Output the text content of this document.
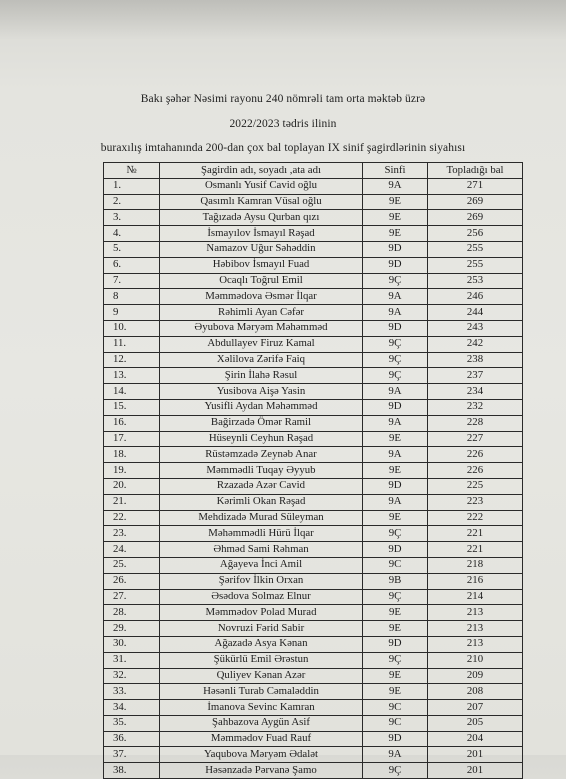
Bakı şəhər Nəsimi rayonu 240 nömrəli tam orta məktəb üzrə
2022/2023 tədris ilinin
buraxılış imtahanında 200-dan çox bal toplayan IX sinif şagirdlərinin siyahısı
№	Şagirdin adı, soyadı ,ata adı	Sinfi	Topladığı bal
1.	Osmanlı Yusif Cavid oğlu	9A	271
2.	Qasımlı Kamran Vüsal oğlu	9E	269
3.	Tağızadə Aysu Qurban qızı	9E	269
4.	İsmayılov İsmayıl Rəşad	9E	256
5.	Namazov Uğur Səhəddin	9D	255
6.	Həbibov İsmayıl Fuad	9D	255
7.	Ocaqlı Toğrul Emil	9Ç	253
8	Məmmədova Əsmər İlqar	9A	246
9	Rəhimli Ayan Cəfər	9A	244
10.	Əyubova Məryəm Məhəmməd	9D	243
11.	Abdullayev Firuz Kamal	9Ç	242
12.	Xəlilova Zərifə Faiq	9Ç	238
13.	Şirin İlahə Rəsul	9Ç	237
14.	Yusibova Aişə Yasin	9A	234
15.	Yusifli Aydan Məhəmməd	9D	232
16.	Bağirzadə Ömər Ramil	9A	228
17.	Hüseynli Ceyhun Rəşad	9E	227
18.	Rüstəmzadə Zeynəb Anar	9A	226
19.	Məmmədli Tuqay Əyyub	9E	226
20.	Rzazadə Azər Cavid	9D	225
21.	Kərimli Okan Rəşad	9A	223
22.	Mehdizadə Murad Süleyman	9E	222
23.	Məhəmmədli Hürü İlqar	9Ç	221
24.	Əhməd Sami Rəhman	9D	221
25.	Ağayeva İnci Amil	9C	218
26.	Şərifov İlkin Orxan	9B	216
27.	Əsədova Solmaz Elnur	9Ç	214
28.	Məmmədov Polad Murad	9E	213
29.	Novruzi Fərid Sabir	9E	213
30.	Ağazadə Asya Kənan	9D	213
31.	Şükürlü Emil Ərəstun	9Ç	210
32.	Quliyev Kənan Azər	9E	209
33.	Həsənli Turab Cəmaləddin	9E	208
34.	İmanova Sevinc Kamran	9C	207
35.	Şahbazova Aygün Asif	9C	205
36.	Məmmədov Fuad Rauf	9D	204
37.	Yaqubova Məryəm Ədalət	9A	201
38.	Həsənzadə Pərvanə Şamo	9Ç	201
